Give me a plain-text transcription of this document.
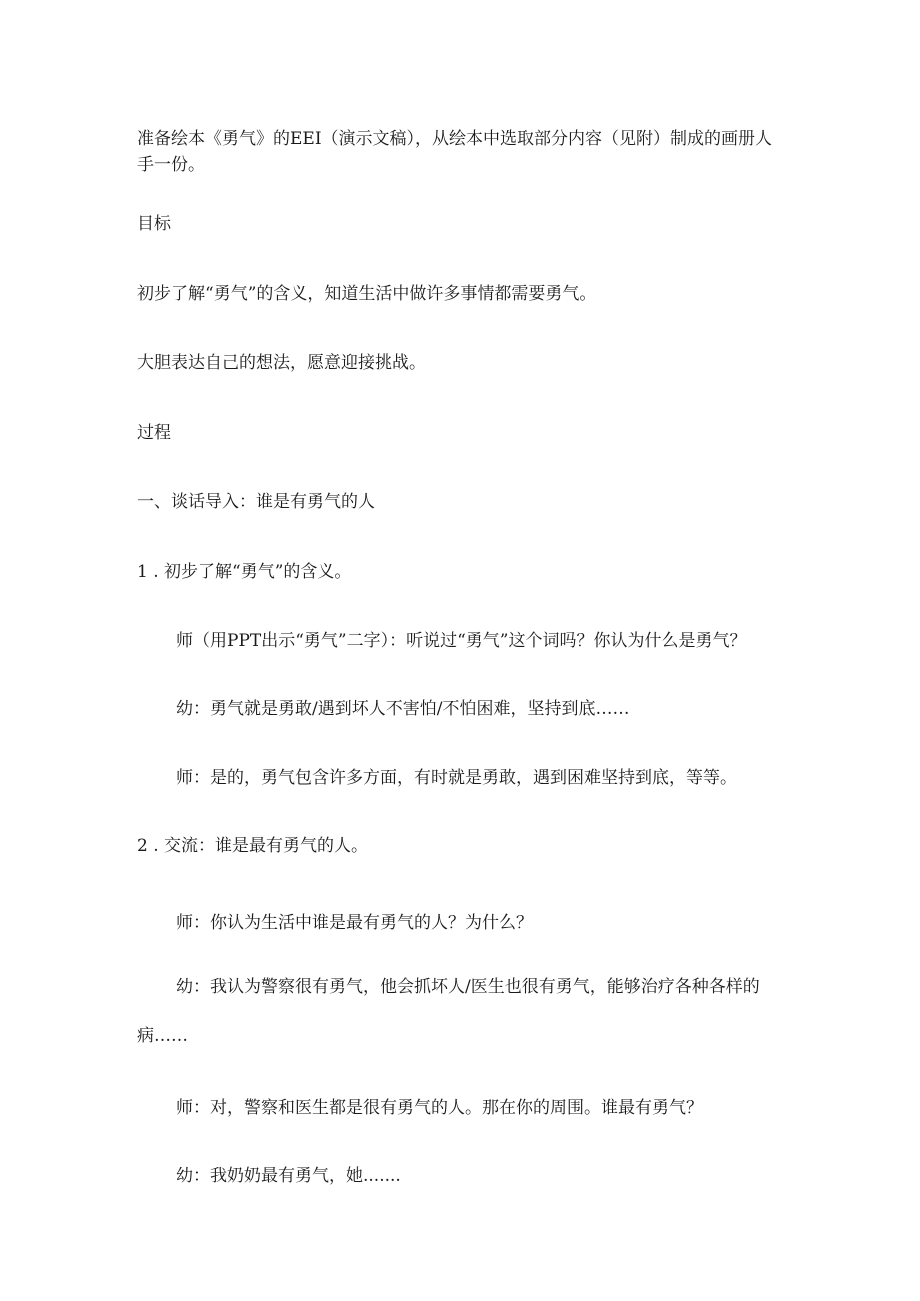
准备绘本《勇气》的EEI（演示文稿），从绘本中选取部分内容（见附）制成的画册人手一份。

目标

初步了解“勇气”的含义，知道生活中做许多事情都需要勇气。

大胆表达自己的想法，愿意迎接挑战。

过程

一、谈话导入：谁是有勇气的人

1 . 初步了解“勇气”的含义。

师（用PPT出示“勇气”二字）：听说过“勇气”这个词吗？你认为什么是勇气？

幼：勇气就是勇敢/遇到坏人不害怕/不怕困难，坚持到底……

师：是的，勇气包含许多方面，有时就是勇敢，遇到困难坚持到底，等等。

2 . 交流：谁是最有勇气的人。

师：你认为生活中谁是最有勇气的人？为什么？

幼：我认为警察很有勇气，他会抓坏人/医生也很有勇气，能够治疗各种各样的

病……

师：对，警察和医生都是很有勇气的人。那在你的周围。谁最有勇气？

幼：我奶奶最有勇气，她.......
